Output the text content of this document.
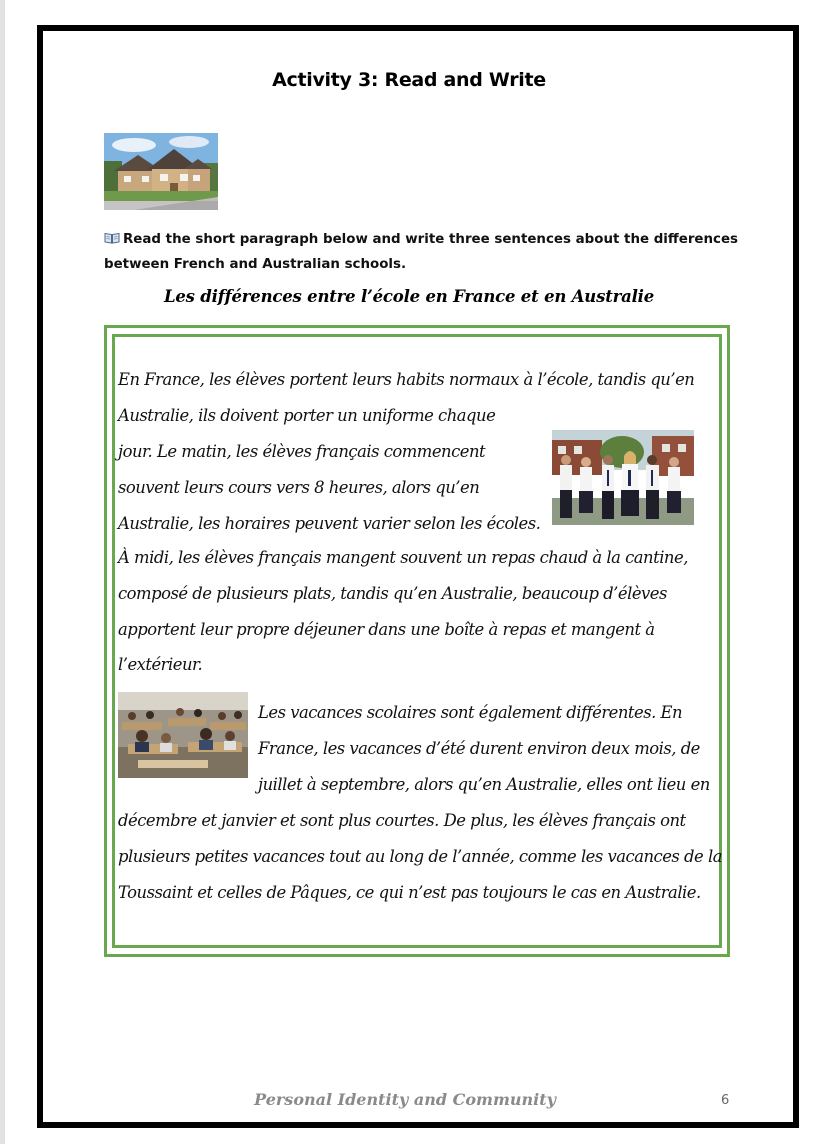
Activity 3: Read and Write
Read the short paragraph below and write three sentences about the differences
between French and Australian schools.
Les différences entre l’école en France et en Australie
En France, les élèves portent leurs habits normaux à l’école, tandis qu’en
Australie, ils doivent porter un uniforme chaque
jour. Le matin, les élèves français commencent
souvent leurs cours vers 8 heures, alors qu’en
Australie, les horaires peuvent varier selon les écoles.
À midi, les élèves français mangent souvent un repas chaud à la cantine,
composé de plusieurs plats, tandis qu’en Australie, beaucoup d’élèves
apportent leur propre déjeuner dans une boîte à repas et mangent à
l’extérieur.
Les vacances scolaires sont également différentes. En
France, les vacances d’été durent environ deux mois, de
juillet à septembre, alors qu’en Australie, elles ont lieu en
décembre et janvier et sont plus courtes. De plus, les élèves français ont
plusieurs petites vacances tout au long de l’année, comme les vacances de la
Toussaint et celles de Pâques, ce qui n’est pas toujours le cas en Australie.
Personal Identity and Community	6
